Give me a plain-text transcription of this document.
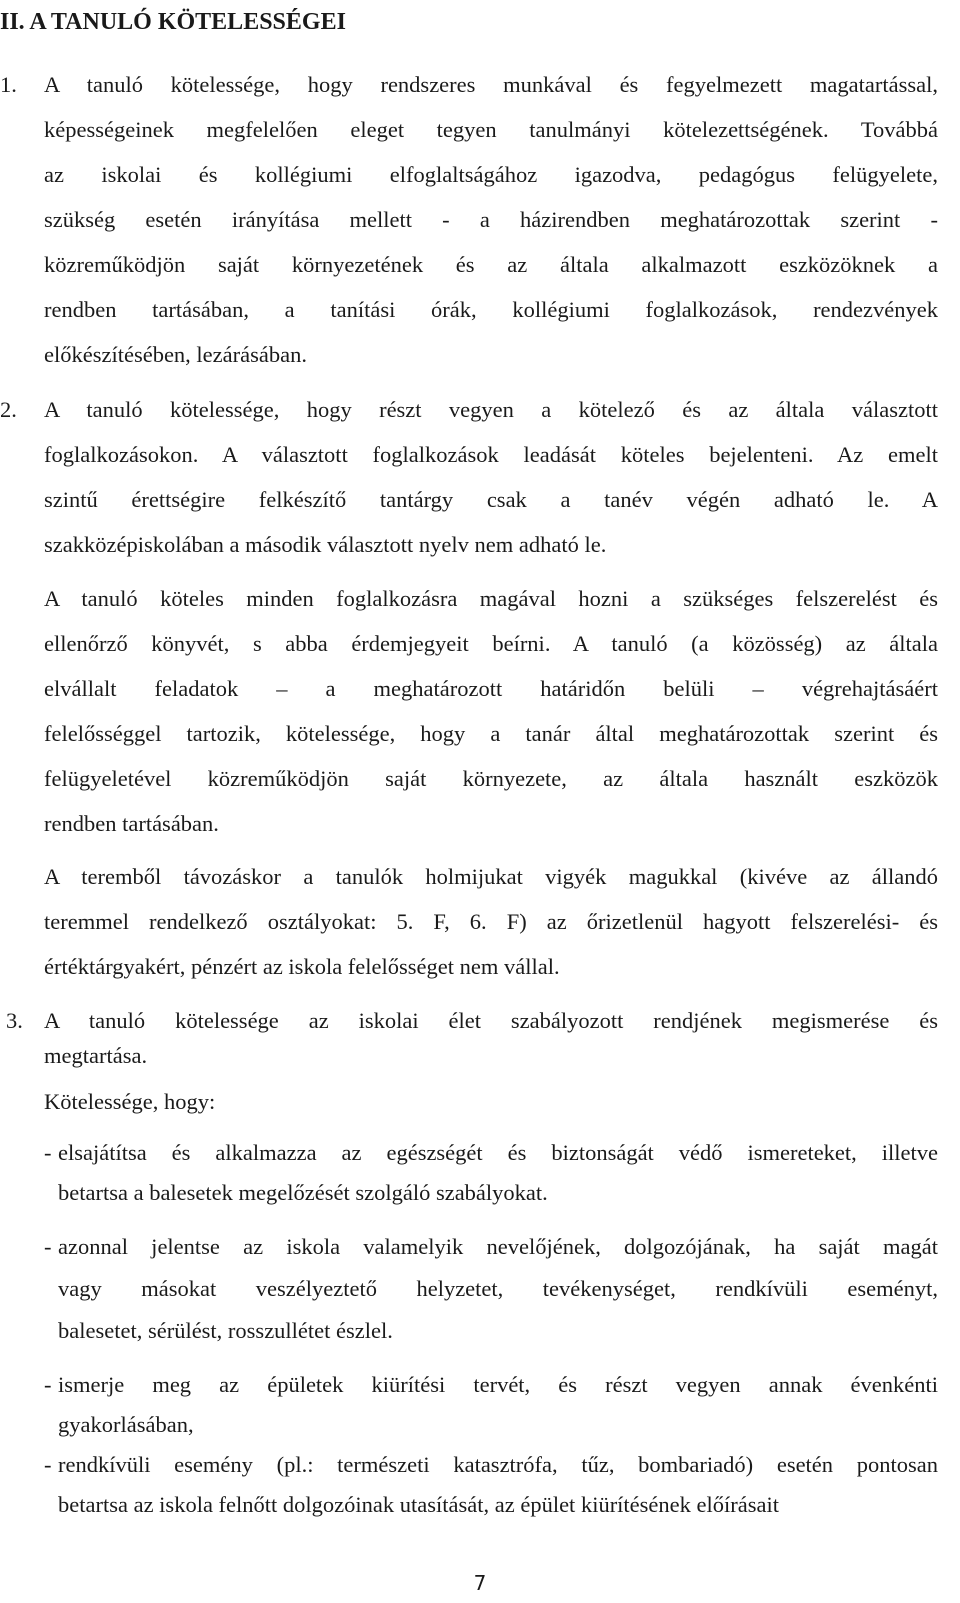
II. A TANULÓ KÖTELESSÉGEI
1. A tanuló kötelessége, hogy rendszeres munkával és fegyelmezett magatartással,
képességeinek megfelelően eleget tegyen tanulmányi kötelezettségének. Továbbá
az iskolai és kollégiumi elfoglaltságához igazodva, pedagógus felügyelete,
szükség esetén irányítása mellett - a házirendben meghatározottak szerint -
közreműködjön saját környezetének és az általa alkalmazott eszközöknek a
rendben tartásában, a tanítási órák, kollégiumi foglalkozások, rendezvények
előkészítésében, lezárásában.
2. A tanuló kötelessége, hogy részt vegyen a kötelező és az általa választott
foglalkozásokon. A választott foglalkozások leadását köteles bejelenteni. Az emelt
szintű érettségire felkészítő tantárgy csak a tanév végén adható le. A
szakközépiskolában a második választott nyelv nem adható le.
A tanuló köteles minden foglalkozásra magával hozni a szükséges felszerelést és
ellenőrző könyvét, s abba érdemjegyeit beírni. A tanuló (a közösség) az általa
elvállalt feladatok – a meghatározott határidőn belüli – végrehajtásáért
felelősséggel tartozik, kötelessége, hogy a tanár által meghatározottak szerint és
felügyeletével közreműködjön saját környezete, az általa használt eszközök
rendben tartásában.
A teremből távozáskor a tanulók holmijukat vigyék magukkal (kivéve az állandó
teremmel rendelkező osztályokat: 5. F, 6. F) az őrizetlenül hagyott felszerelési- és
értéktárgyakért, pénzért az iskola felelősséget nem vállal.
3. A tanuló kötelessége az iskolai élet szabályozott rendjének megismerése és
megtartása.
Kötelessége, hogy:
- elsajátítsa és alkalmazza az egészségét és biztonságát védő ismereteket, illetve
betartsa a balesetek megelőzését szolgáló szabályokat.
- azonnal jelentse az iskola valamelyik nevelőjének, dolgozójának, ha saját magát
vagy másokat veszélyeztető helyzetet, tevékenységet, rendkívüli eseményt,
balesetet, sérülést, rosszullétet észlel.
- ismerje meg az épületek kiürítési tervét, és részt vegyen annak évenkénti
gyakorlásában,
- rendkívüli esemény (pl.: természeti katasztrófa, tűz, bombariadó) esetén pontosan
betartsa az iskola felnőtt dolgozóinak utasítását, az épület kiürítésének előírásait
7
